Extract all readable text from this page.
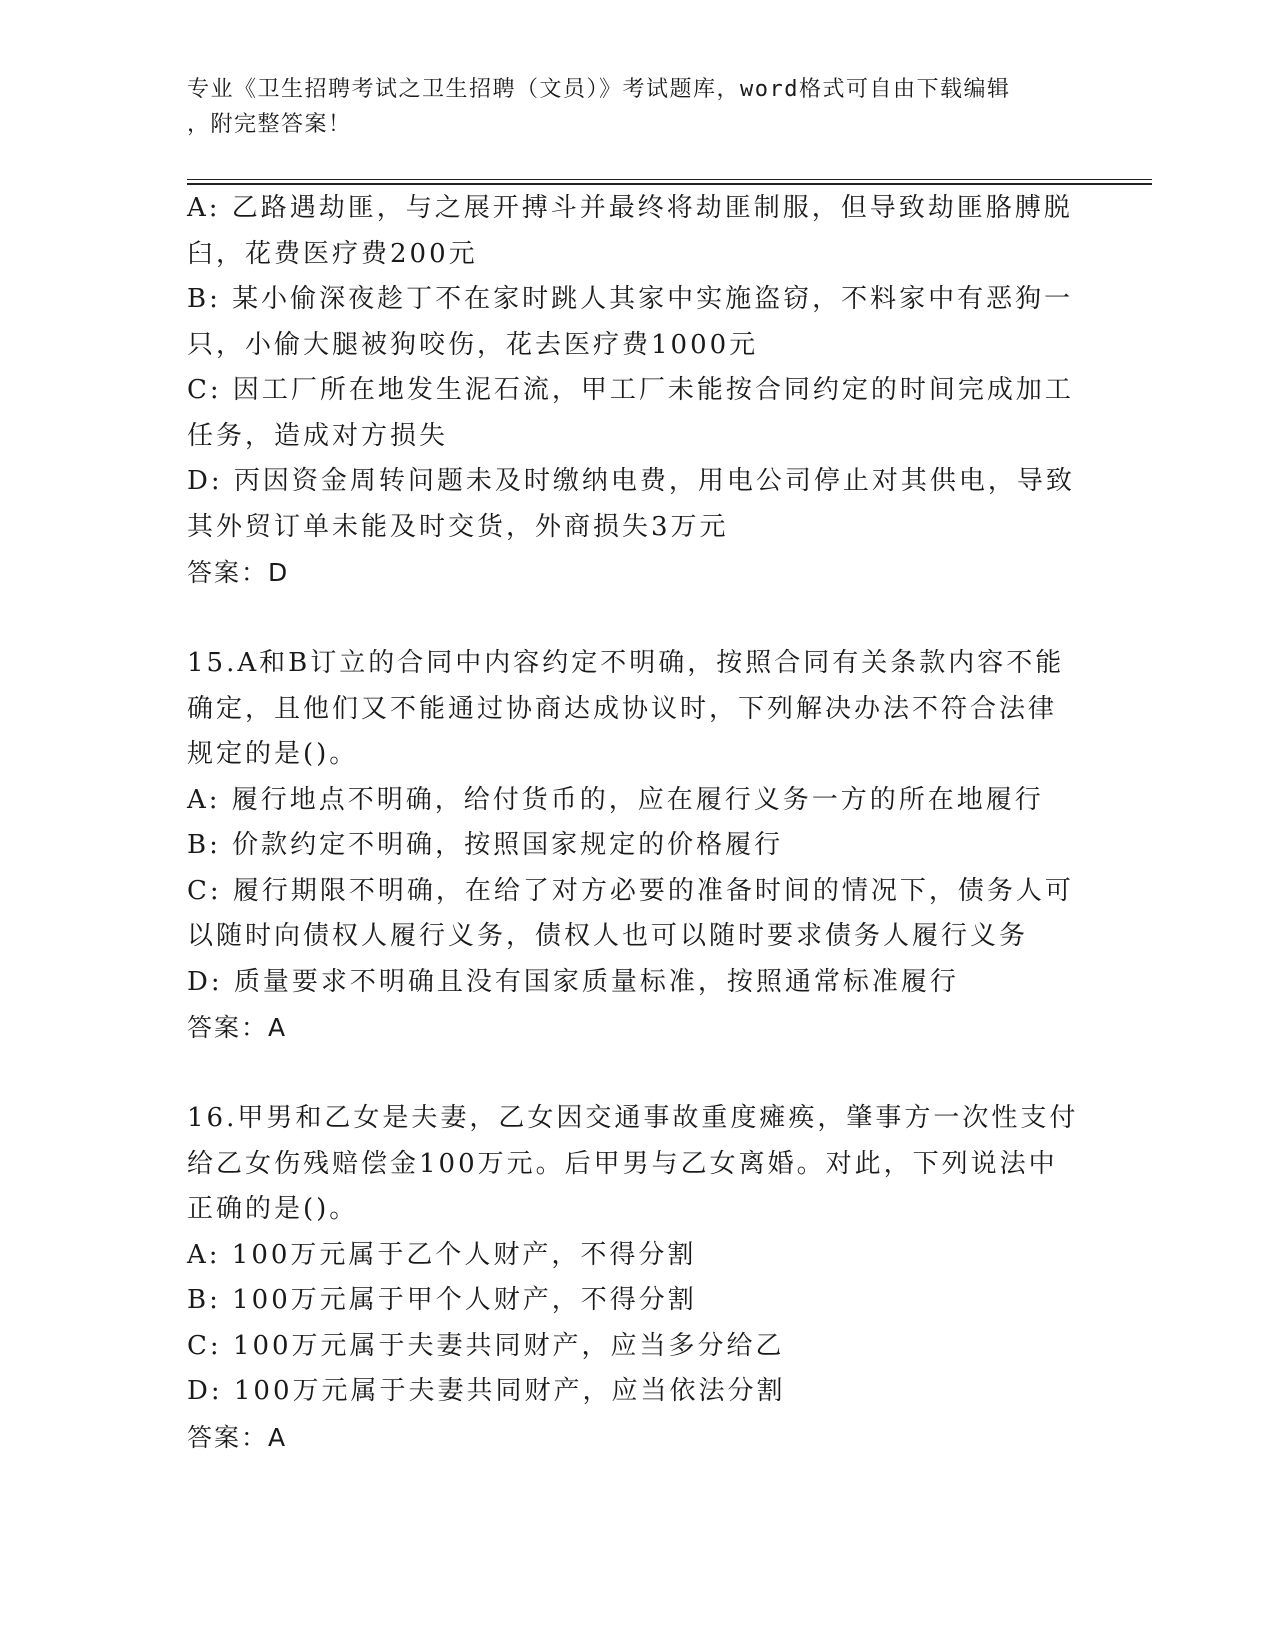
专业《卫生招聘考试之卫生招聘（文员）》考试题库，word格式可自由下载编辑
，附完整答案！
A: 乙路遇劫匪，与之展开搏斗并最终将劫匪制服，但导致劫匪胳膊脱
臼，花费医疗费200元
B: 某小偷深夜趁丁不在家时跳人其家中实施盗窃，不料家中有恶狗一
只，小偷大腿被狗咬伤，花去医疗费1000元
C: 因工厂所在地发生泥石流，甲工厂未能按合同约定的时间完成加工
任务，造成对方损失
D: 丙因资金周转问题未及时缴纳电费，用电公司停止对其供电，导致
其外贸订单未能及时交货，外商损失3万元
答案：D
15.A和B订立的合同中内容约定不明确，按照合同有关条款内容不能
确定，且他们又不能通过协商达成协议时，下列解决办法不符合法律
规定的是()。
A: 履行地点不明确，给付货币的，应在履行义务一方的所在地履行
B: 价款约定不明确，按照国家规定的价格履行
C: 履行期限不明确，在给了对方必要的准备时间的情况下，债务人可
以随时向债权人履行义务，债权人也可以随时要求债务人履行义务
D: 质量要求不明确且没有国家质量标准，按照通常标准履行
答案：A
16.甲男和乙女是夫妻，乙女因交通事故重度瘫痪，肇事方一次性支付
给乙女伤残赔偿金100万元。后甲男与乙女离婚。对此，下列说法中
正确的是()。
A: 100万元属于乙个人财产，不得分割
B: 100万元属于甲个人财产，不得分割
C: 100万元属于夫妻共同财产，应当多分给乙
D: 100万元属于夫妻共同财产，应当依法分割
答案：A
